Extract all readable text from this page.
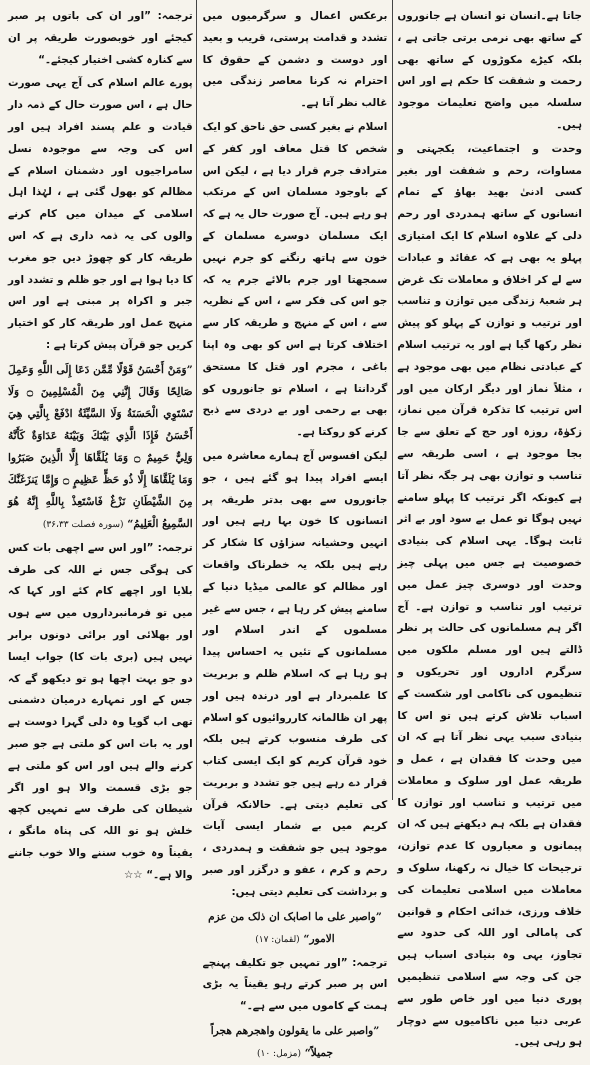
جاتا ہے۔انسان تو انسان ہے جانوروں کے ساتھ بھی نرمی برتی جاتی ہے ، بلکہ کیڑے مکوڑوں کے ساتھ بھی رحمت و شفقت کا حکم ہے اور اس سلسلہ میں واضح تعلیمات موجود ہیں۔

وحدت و اجتماعیت، یکجہتی و مساوات، رحم و شفقت اور بغیر کسی ادنیٰ بھید بھاؤ کے تمام انسانوں کے ساتھ ہمدردی اور رحم دلی کے علاوہ اسلام کا ایک امتیازی پہلو یہ بھی ہے کہ عقائد و عبادات سے لے کر اخلاق و معاملات تک غرض ہر شعبۂ زندگی میں توازن و تناسب اور ترتیب و توازن کے پہلو کو پیش نظر رکھا گیا ہے اور یہ ترتیب اسلام کے عبادتی نظام میں بھی موجود ہے ، مثلاً نماز اور دیگر ارکان میں اور اس ترتیب کا تذکرہ قرآن میں نماز، زکوٰۃ، روزہ اور حج کے تعلق سے جا بجا موجود ہے ، اسی طریقہ سے تناسب و توازن بھی ہر جگہ نظر آتا ہے کیونکہ اگر ترتیب کا پہلو سامنے نہیں ہوگا تو عمل بے سود اور بے اثر ثابت ہوگا۔ یہی اسلام کی بنیادی خصوصیت ہے جس میں پہلی چیز وحدت اور دوسری چیز عمل میں ترتیب اور تناسب و توازن ہے۔ آج اگر ہم مسلمانوں کی حالت پر نظر ڈالتے ہیں اور مسلم ملکوں میں سرگرم اداروں اور تحریکوں و تنظیموں کی ناکامی اور شکست کے اسباب تلاش کرتے ہیں تو اس کا بنیادی سبب یہی نظر آتا ہے کہ ان میں وحدت کا فقدان ہے ، عمل و طریقہ عمل اور سلوک و معاملات میں ترتیب و تناسب اور توازن کا فقدان ہے بلکہ ہم دیکھتے ہیں کہ ان پیمانوں و معیاروں کا عدم توازن، ترجیحات کا خیال نہ رکھنا، سلوک و معاملات میں اسلامی تعلیمات کی خلاف ورزی، خدائی احکام و قوانین کی پامالی اور اللہ کی حدود سے تجاوز، یہی وہ بنیادی اسباب ہیں جن کی وجہ سے اسلامی تنظیمیں پوری دنیا میں اور خاص طور سے عربی دنیا میں ناکامیوں سے دوچار ہو رہی ہیں۔

برعکس اعمال و سرگرمیوں میں تشدد و قدامت پرستی، قریب و بعید اور دوست و دشمن کے حقوق کا احترام نہ کرنا معاصر زندگی میں غالب نظر آتا ہے۔

اسلام نے بغیر کسی حق ناحق کو ایک شخص کا قتل معاف اور کفر کے مترادف جرم قرار دیا ہے ، لیکن اس کے باوجود مسلمان اس کے مرتکب ہو رہے ہیں۔ آج صورت حال یہ ہے کہ ایک مسلمان دوسرے مسلمان کے خون سے ہاتھ رنگنے کو جرم نہیں سمجھتا اور جرم بالائے جرم یہ کہ جو اس کی فکر سے ، اس کے نظریہ سے ، اس کے منہج و طریقہ کار سے اختلاف کرتا ہے اس کو بھی وہ اپنا باغی ، مجرم اور قتل کا مستحق گردانتا ہے ، اسلام تو جانوروں کو بھی بے رحمی اور بے دردی سے ذبح کرنے کو روکتا ہے۔

لیکن افسوس آج ہمارے معاشرہ میں ایسے افراد پیدا ہو گئے ہیں ، جو جانوروں سے بھی بدتر طریقہ پر انسانوں کا خون بہا رہے ہیں اور انہیں وحشیانہ سزاؤں کا شکار کر رہے ہیں بلکہ یہ خطرناک واقعات اور مظالم کو عالمی میڈیا دنیا کے سامنے پیش کر رہا ہے ، جس سے غیر مسلموں کے اندر اسلام اور مسلمانوں کے تئیں یہ احساس پیدا ہو رہا ہے کہ اسلام ظلم و بربریت کا علمبردار ہے اور درندہ ہیں اور پھر ان ظالمانہ کارروائیوں کو اسلام کی طرف منسوب کرتے ہیں بلکہ خود قرآن کریم کو ایک ایسی کتاب قرار دے رہے ہیں جو تشدد و بربریت کی تعلیم دیتی ہے۔ حالانکہ قرآن کریم میں بے شمار ایسی آیات موجود ہیں جو شفقت و ہمدردی ، رحم و کرم ، عفو و درگزر اور صبر و برداشت کی تعلیم دیتی ہیں:

”واصبر علی ما اصابک ان ذلک من عزم الامور“ (لقمان: ۱۷)

ترجمہ: ”اور تمہیں جو تکلیف پہنچے اس پر صبر کرتے رہو یقیناً یہ بڑی ہمت کے کاموں میں سے ہے۔“

”واصبر علی ما یقولون واھجرھم ھجراً جمیلاً“ (مزمل: ۱۰)

ترجمہ: ”اور ان کی باتوں پر صبر کیجئے اور خوبصورت طریقہ پر ان سے کنارہ کشی اختیار کیجئے۔“

پورے عالم اسلام کی آج یہی صورت حال ہے ، اس صورت حال کے ذمہ دار قیادت و علم پسند افراد ہیں اور اس کی وجہ سے موجودہ نسل سامراجیوں اور دشمنان اسلام کے مظالم کو بھول گئی ہے ، لہٰذا اہل اسلامی کے میدان میں کام کرنے والوں کی یہ ذمہ داری ہے کہ اس طریقہ کار کو چھوڑ دیں جو مغرب کا دیا ہوا ہے اور جو ظلم و تشدد اور جبر و اکراہ پر مبنی ہے اور اس منہج عمل اور طریقہ کار کو اختیار کریں جو قرآن پیش کرتا ہے :

”وَمَنْ أَحْسَنُ قَوْلًا مِّمَّن دَعَا إِلَى اللَّهِ وَعَمِلَ صَالِحًا وَقَالَ إِنَّنِي مِنَ الْمُسْلِمِينَ ۝ وَلَا تَسْتَوِي الْحَسَنَةُ وَلَا السَّيِّئَةُ ادْفَعْ بِالَّتِي هِيَ أَحْسَنُ فَإِذَا الَّذِي بَيْنَكَ وَبَيْنَهُ عَدَاوَةٌ كَأَنَّهُ وَلِيٌّ حَمِيمٌ ۝ وَمَا يُلَقَّاهَا إِلَّا الَّذِينَ صَبَرُوا وَمَا يُلَقَّاهَا إِلَّا ذُو حَظٍّ عَظِيمٍ ۝ وَإِمَّا يَنزَغَنَّكَ مِنَ الشَّيْطَانِ نَزْغٌ فَاسْتَعِذْ بِاللَّهِ إِنَّهُ هُوَ السَّمِيعُ الْعَلِيمُ“ (سورہ فصلت ۳۶،۳۳)

ترجمہ: ”اور اس سے اچھی بات کس کی ہوگی جس نے اللہ کی طرف بلایا اور اچھے کام کئے اور کہا کہ میں تو فرمانبرداروں میں سے ہوں اور بھلائی اور برائی دونوں برابر نہیں ہیں (بری بات کا) جواب ایسا دو جو بہت اچھا ہو تو دیکھو گے کہ جس کے اور تمہارے درمیان دشمنی تھی اب گویا وہ دلی گہرا دوست ہے اور یہ بات اس کو ملتی ہے جو صبر کرنے والے ہیں اور اس کو ملتی ہے جو بڑی قسمت والا ہو اور اگر شیطان کی طرف سے تمہیں کچھ خلش ہو تو اللہ کی پناہ مانگو ، یقیناً وہ خوب سننے والا خوب جاننے والا ہے۔“ ☆☆
